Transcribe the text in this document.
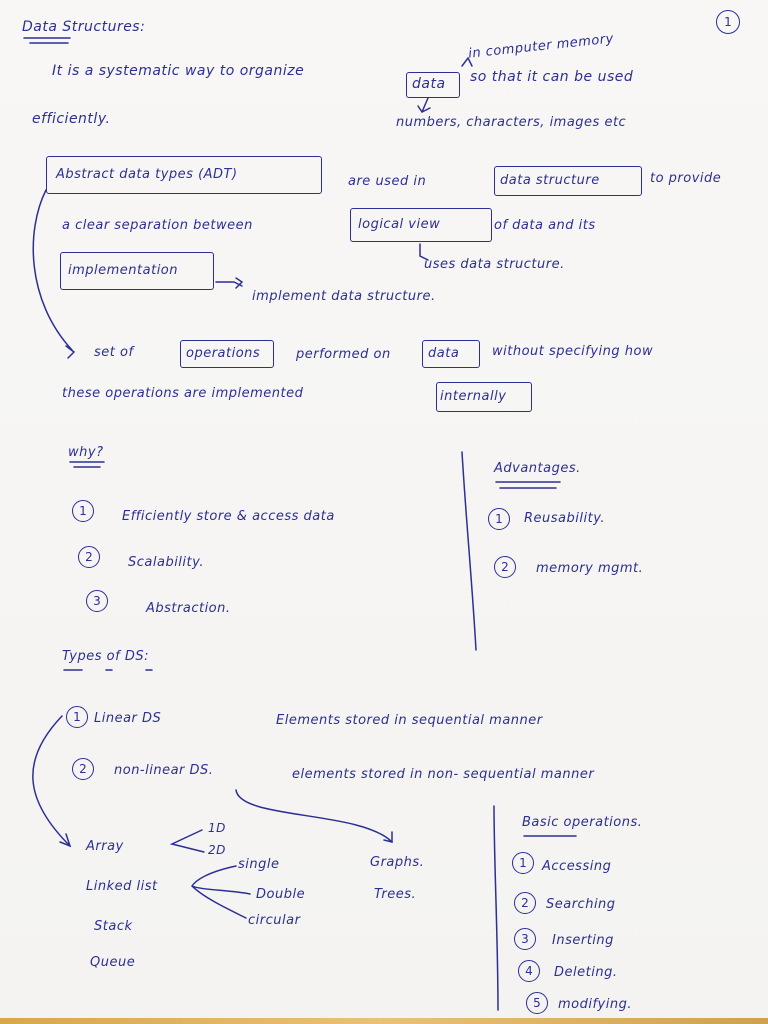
1
Data Structures:
It is a systematic way to organize
data
in computer memory
so that it can be used
efficiently.	numbers, characters, images etc
Abstract data types (ADT)	are used in	data structure	to provide
a clear separation between	logical view	of data and its
uses data structure.
implementation
implement data structure.
set of	operations	performed on	data	without specifying how
these operations are implemented	internally
why?
1	Efficiently store & access data
2	Scalability.
3	Abstraction.
Advantages.
1	Reusability.
2	memory mgmt.
Types of DS:
1	Linear DS	Elements stored in sequential manner
2	non-linear DS.	elements stored in non- sequential manner
Array
1D
2D
Linked list
single
Double
circular
Stack
Queue
Graphs.
Trees.
Basic operations.
1	Accessing
2	Searching
3	Inserting
4	Deleting.
5	modifying.
